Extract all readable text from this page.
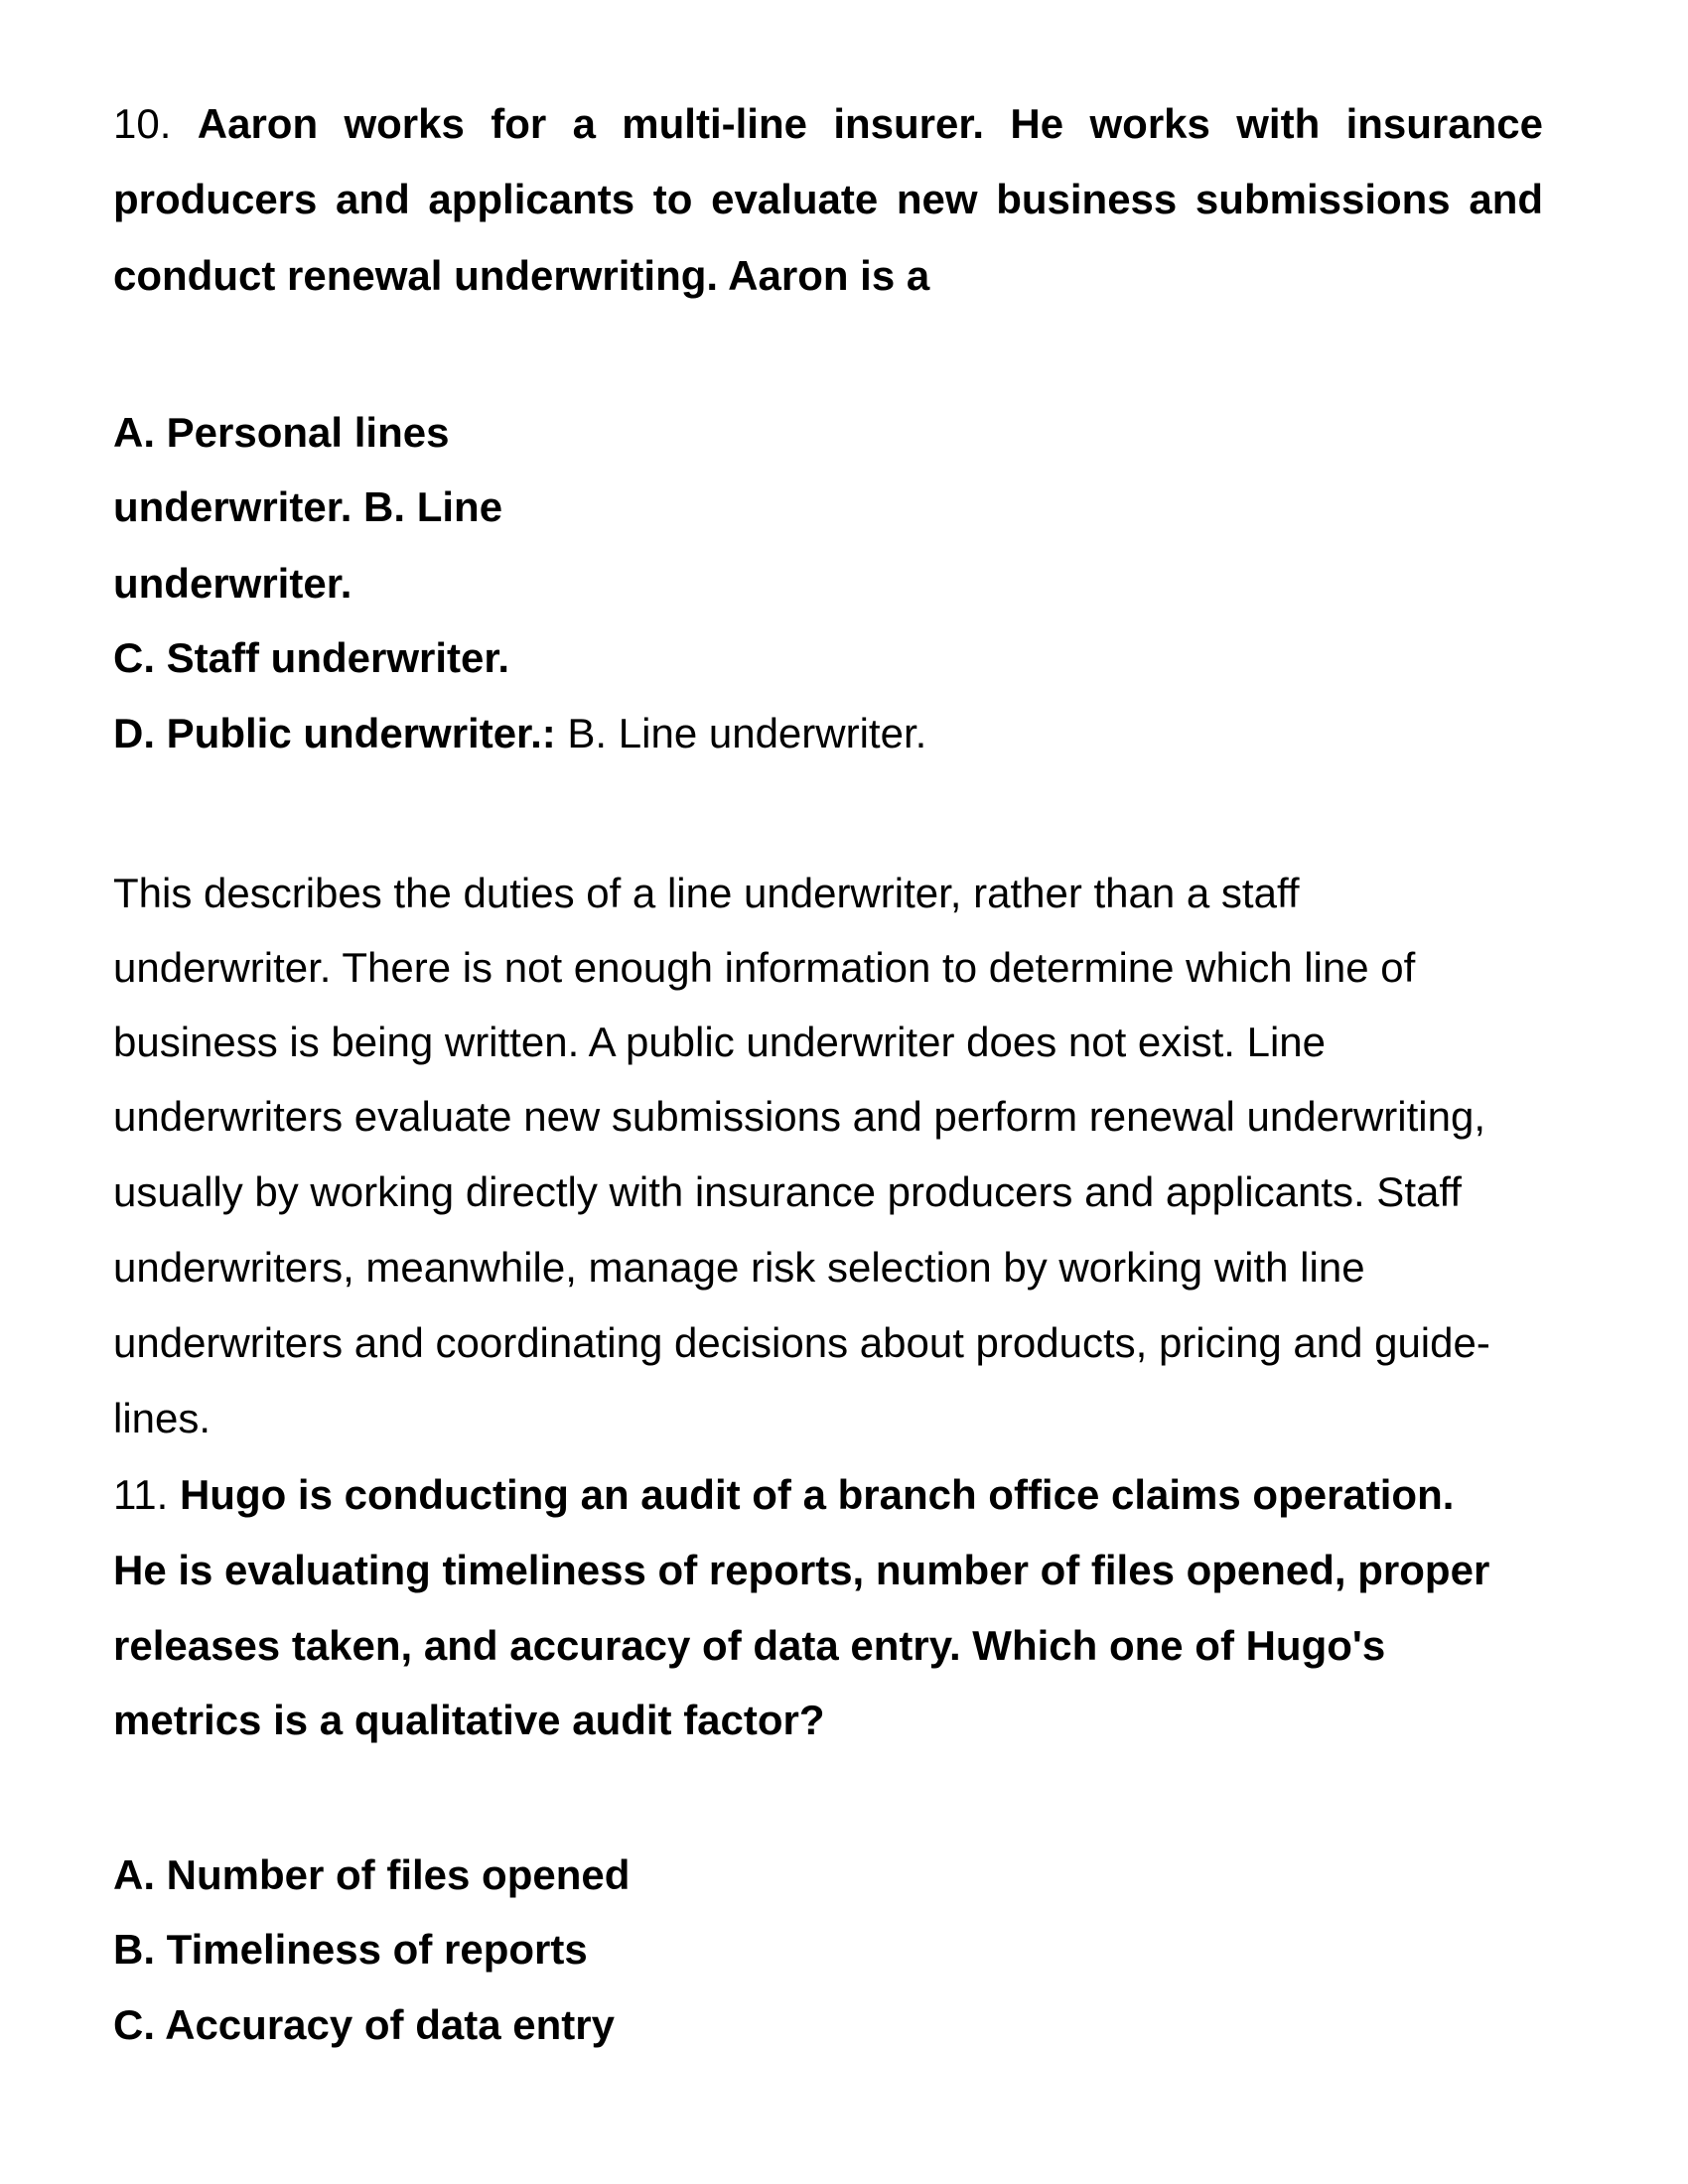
10. Aaron works for a multi-line insurer. He works with insurance
producers and applicants to evaluate new business submissions and
conduct renewal underwriting. Aaron is a
A. Personal lines
underwriter. B. Line
underwriter.
C. Staff underwriter.
D. Public underwriter.: B. Line underwriter.
This describes the duties of a line underwriter, rather than a staff
underwriter. There is not enough information to determine which line of
business is being written. A public underwriter does not exist. Line
underwriters evaluate new submissions and perform renewal underwriting,
usually by working directly with insurance producers and applicants. Staff
underwriters, meanwhile, manage risk selection by working with line
underwriters and coordinating decisions about products, pricing and guide-
lines.
11. Hugo is conducting an audit of a branch office claims operation.
He is evaluating timeliness of reports, number of files opened, proper
releases taken, and accuracy of data entry. Which one of Hugo's
metrics is a qualitative audit factor?
A. Number of files opened
B. Timeliness of reports
C. Accuracy of data entry
